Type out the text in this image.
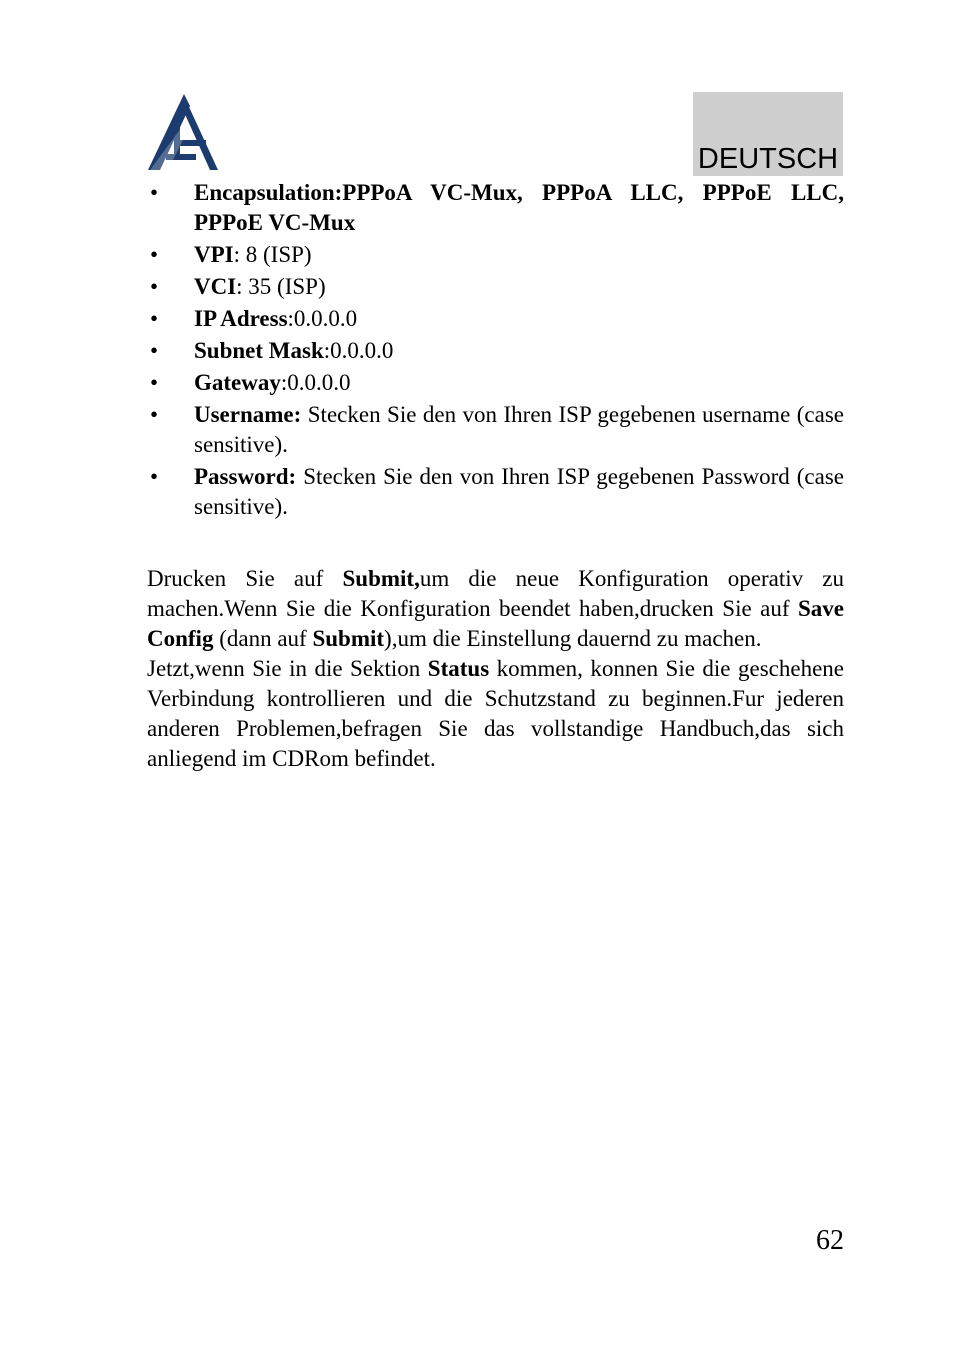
DEUTSCH
• Encapsulation:PPPoA VC-Mux, PPPoA LLC, PPPoE LLC, PPPoE VC-Mux
• VPI: 8 (ISP)
• VCI: 35 (ISP)
• IP Adress:0.0.0.0
• Subnet Mask:0.0.0.0
• Gateway:0.0.0.0
• Username: Stecken Sie den von Ihren ISP gegebenen username (case sensitive).
• Password: Stecken Sie den von Ihren ISP gegebenen Password (case sensitive).

Drucken Sie auf Submit,um die neue Konfiguration operativ zu machen.Wenn Sie die Konfiguration beendet haben,drucken Sie auf Save Config (dann auf Submit),um die Einstellung dauernd zu machen.

Jetzt,wenn Sie in die Sektion Status kommen, konnen Sie die geschehene Verbindung kontrollieren und die Schutzstand zu beginnen.Fur jederen anderen Problemen,befragen Sie das vollstandige Handbuch,das sich anliegend im CDRom befindet.

62
